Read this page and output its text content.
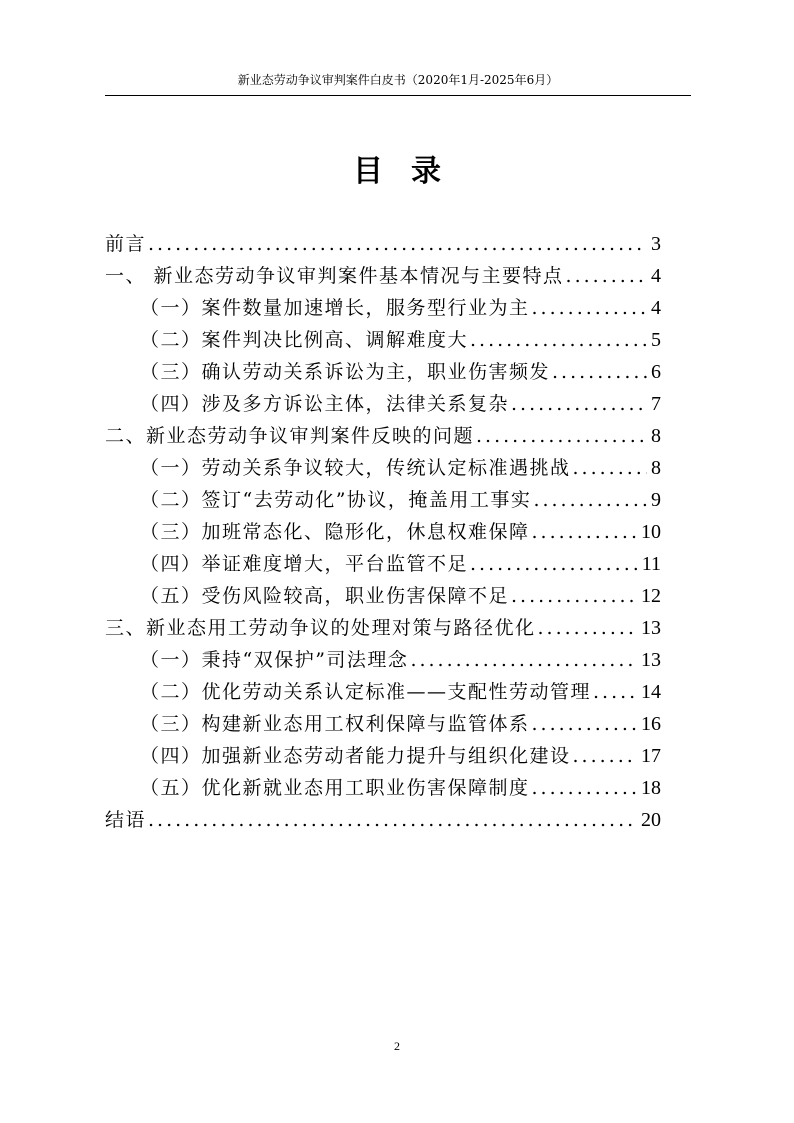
新业态劳动争议审判案件白皮书（2020年1月-2025年6月）
目录
前言 .....	3
一、 新业态劳动争议审判案件基本情况与主要特点 .....	4
（一）案件数量加速增长，服务型行业为主 .....	4
（二）案件判决比例高、调解难度大 .....	5
（三）确认劳动关系诉讼为主，职业伤害频发 .....	6
（四）涉及多方诉讼主体，法律关系复杂 .....	7
二、新业态劳动争议审判案件反映的问题 .....	8
（一）劳动关系争议较大，传统认定标准遇挑战 .....	8
（二）签订“去劳动化”协议，掩盖用工事实 .....	9
（三）加班常态化、隐形化，休息权难保障 .....	10
（四）举证难度增大，平台监管不足 .....	11
（五）受伤风险较高，职业伤害保障不足 .....	12
三、新业态用工劳动争议的处理对策与路径优化 .....	13
（一）秉持“双保护”司法理念 .....	13
（二）优化劳动关系认定标准——支配性劳动管理 ..... 14
（三）构建新业态用工权利保障与监管体系 .....	16
（四）加强新业态劳动者能力提升与组织化建设 .....	17
（五）优化新就业态用工职业伤害保障制度 .....	18
结语 .....	20
2
